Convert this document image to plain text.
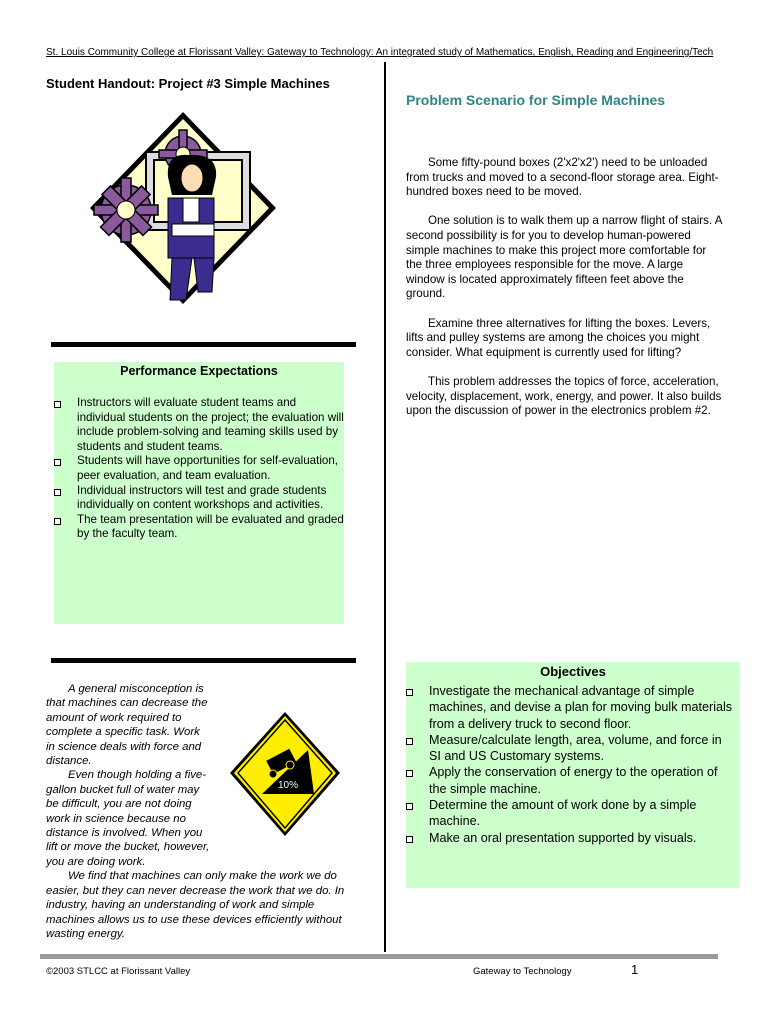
St. Louis Community College at Florissant Valley: Gateway to Technology: An integrated study of Mathematics, English, Reading and Engineering/Tech
Student Handout: Project #3 Simple Machines
Performance Expectations
Instructors will evaluate student teams and individual students on the project; the evaluation will include problem-solving and teaming skills used by students and student teams.
Students will have opportunities for self-evaluation, peer evaluation, and team evaluation.
Individual instructors will test and grade students individually on content workshops and activities.
The team presentation will be evaluated and graded by the faculty team.

A general misconception is that machines can decrease the amount of work required to complete a specific task. Work in science deals with force and distance.

Even though holding a five-gallon bucket full of water may be difficult, you are not doing work in science because no distance is involved. When you lift or move the bucket, however, you are doing work.

We find that machines can only make the work we do easier, but they can never decrease the work that we do. In industry, having an understanding of work and simple machines allows us to use these devices efficiently without wasting energy.

10%
Problem Scenario for Simple Machines

Some fifty-pound boxes (2'x2'x2') need to be unloaded from trucks and moved to a second-floor storage area. Eight-hundred boxes need to be moved.

One solution is to walk them up a narrow flight of stairs. A second possibility is for you to develop human-powered simple machines to make this project more comfortable for the three employees responsible for the move. A large window is located approximately fifteen feet above the ground.

Examine three alternatives for lifting the boxes. Levers, lifts and pulley systems are among the choices you might consider. What equipment is currently used for lifting?

This problem addresses the topics of force, acceleration, velocity, displacement, work, energy, and power. It also builds upon the discussion of power in the electronics problem #2.

Objectives
Investigate the mechanical advantage of simple machines, and devise a plan for moving bulk materials from a delivery truck to second floor.
Measure/calculate length, area, volume, and force in SI and US Customary systems.
Apply the conservation of energy to the operation of the simple machine.
Determine the amount of work done by a simple machine.
Make an oral presentation supported by visuals.
©2003 STLCC at Florissant Valley	Gateway to Technology	1
